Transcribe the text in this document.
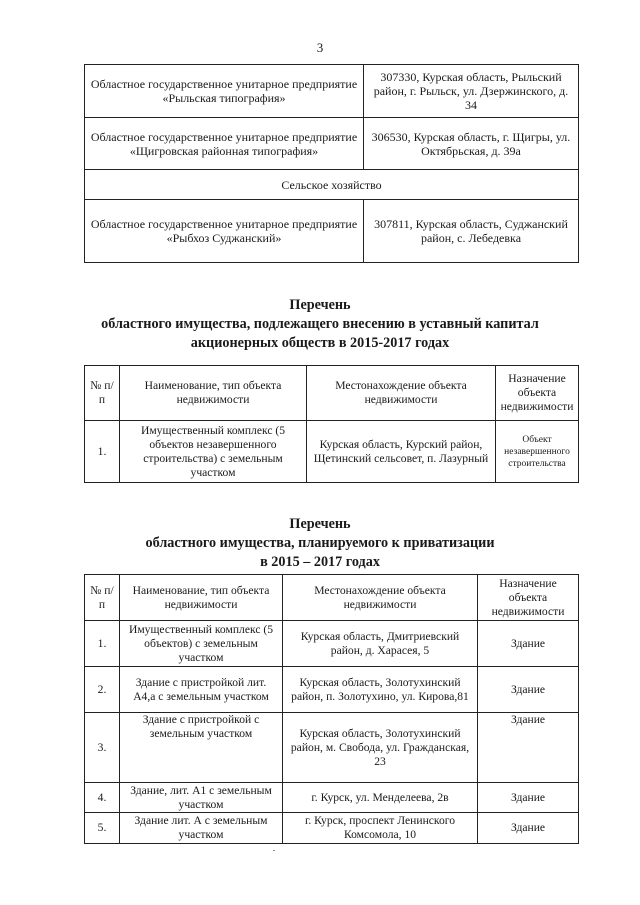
3
Областное государственное унитарное предприятие «Рыльская типография»	307330, Курская область, Рыльский район, г. Рыльск, ул. Дзержинского, д. 34
Областное государственное унитарное предприятие «Щигровская районная типография»	306530, Курская область, г. Щигры, ул. Октябрьская, д. 39а
Сельское хозяйство	
Областное государственное унитарное предприятие «Рыбхоз Суджанский»	307811, Курская область, Суджанский район, с. Лебедевка
Перечень
областного имущества, подлежащего внесению в уставный капитал
акционерных обществ в 2015-2017 годах
№ п/п	Наименование, тип объекта недвижимости	Местонахождение объекта недвижимости	Назначение объекта недвижимости
1.	Имущественный комплекс (5 объектов незавершенного строительства) с земельным участком	Курская область, Курский район, Щетинский сельсовет, п. Лазурный	Объект незавершенного строительства
Перечень
областного имущества, планируемого к приватизации
в 2015 – 2017 годах
№ п/п	Наименование, тип объекта недвижимости	Местонахождение объекта недвижимости	Назначение объекта недвижимости
1.	Имущественный комплекс (5 объектов) с земельным участком	Курская область, Дмитриевский район, д. Харасея, 5	Здание
2.	Здание с пристройкой лит. А4,а с земельным участком	Курская область, Золотухинский район, п. Золотухино, ул. Кирова,81	Здание
3.	Здание с пристройкой с земельным участком	Курская область, Золотухинский район, м. Свобода, ул. Гражданская, 23	Здание
4.	Здание, лит. А1 с земельным участком	г. Курск, ул. Менделеева, 2в	Здание
5.	Здание лит. А с земельным участком	г. Курск, проспект Ленинского Комсомола, 10	Здание
